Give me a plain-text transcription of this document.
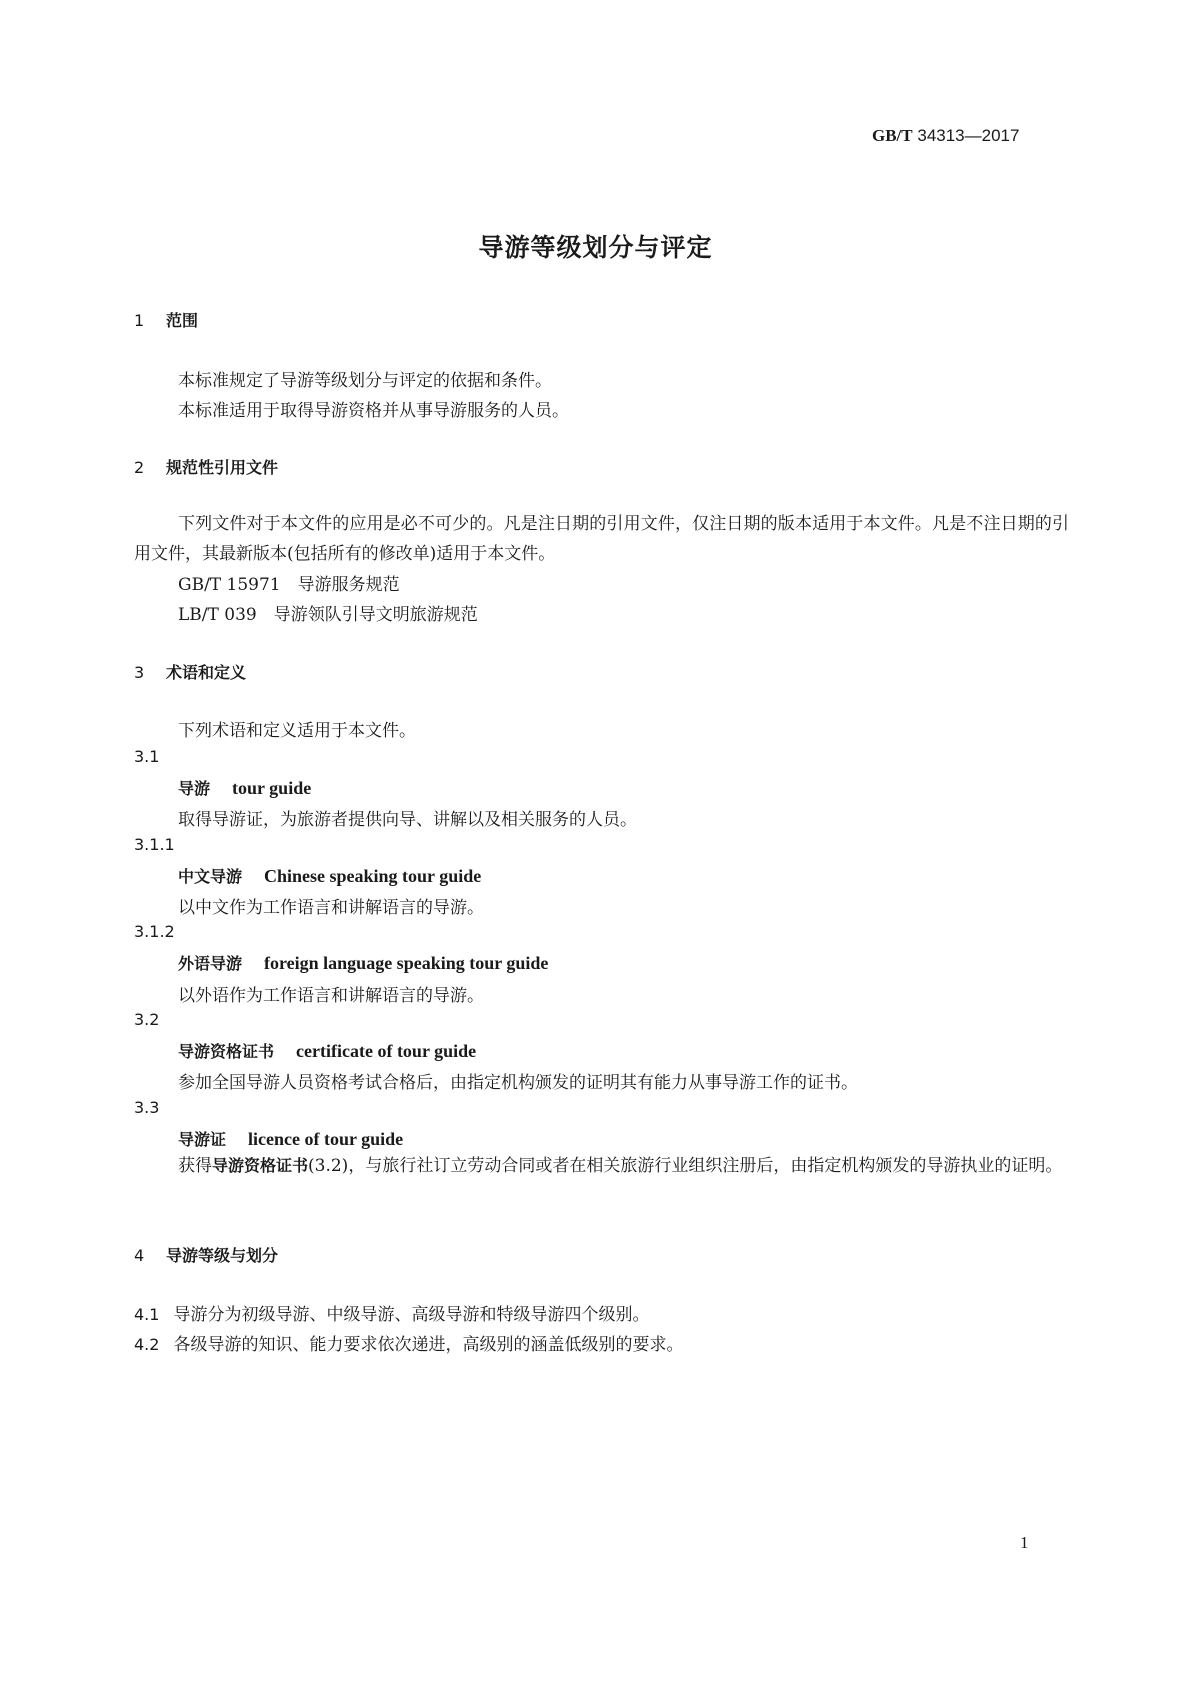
GB/T 34313—2017
导游等级划分与评定
1 范围
本标准规定了导游等级划分与评定的依据和条件。
本标准适用于取得导游资格并从事导游服务的人员。
2 规范性引用文件
下列文件对于本文件的应用是必不可少的。凡是注日期的引用文件，仅注日期的版本适用于本文件。凡是不注日期的引用文件，其最新版本(包括所有的修改单)适用于本文件。
GB/T 15971　导游服务规范
LB/T 039　导游领队引导文明旅游规范
3 术语和定义
下列术语和定义适用于本文件。
3.1
导游 tour guide
取得导游证，为旅游者提供向导、讲解以及相关服务的人员。
3.1.1
中文导游 Chinese speaking tour guide
以中文作为工作语言和讲解语言的导游。
3.1.2
外语导游 foreign language speaking tour guide
以外语作为工作语言和讲解语言的导游。
3.2
导游资格证书 certificate of tour guide
参加全国导游人员资格考试合格后，由指定机构颁发的证明其有能力从事导游工作的证书。
3.3
导游证 licence of tour guide
获得导游资格证书(3.2)，与旅行社订立劳动合同或者在相关旅游行业组织注册后，由指定机构颁发的导游执业的证明。
4 导游等级与划分
4.1 导游分为初级导游、中级导游、高级导游和特级导游四个级别。
4.2 各级导游的知识、能力要求依次递进，高级别的涵盖低级别的要求。
1
